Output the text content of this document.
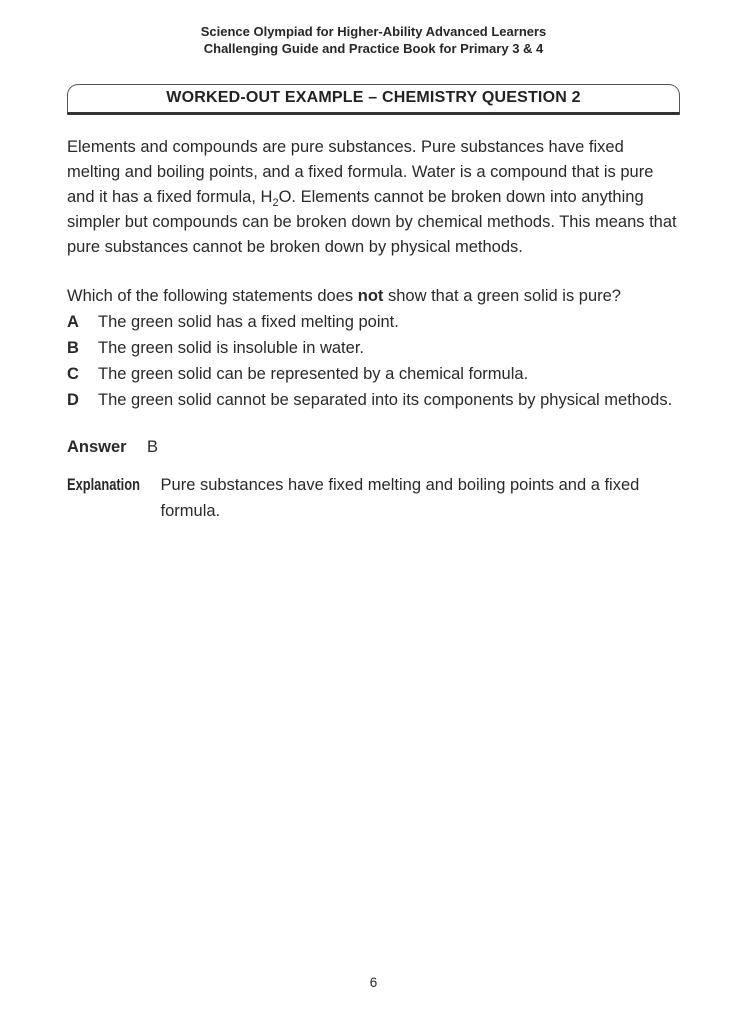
Science Olympiad for Higher-Ability Advanced Learners
Challenging Guide and Practice Book for Primary 3 & 4
WORKED-OUT EXAMPLE – CHEMISTRY QUESTION 2

Elements and compounds are pure substances. Pure substances have fixed melting and boiling points, and a fixed formula. Water is a compound that is pure and it has a fixed formula, $H_2O$. Elements cannot be broken down into anything simpler but compounds can be broken down by chemical methods. This means that pure substances cannot be broken down by physical methods.

Which of the following statements does not show that a green solid is pure?

A	The green solid has a fixed melting point.
B	The green solid is insoluble in water.
C	The green solid can be represented by a chemical formula.
D	The green solid cannot be separated into its components by physical methods.
Answer	B
Explanation	Pure substances have fixed melting and boiling points and a fixed formula.
6
